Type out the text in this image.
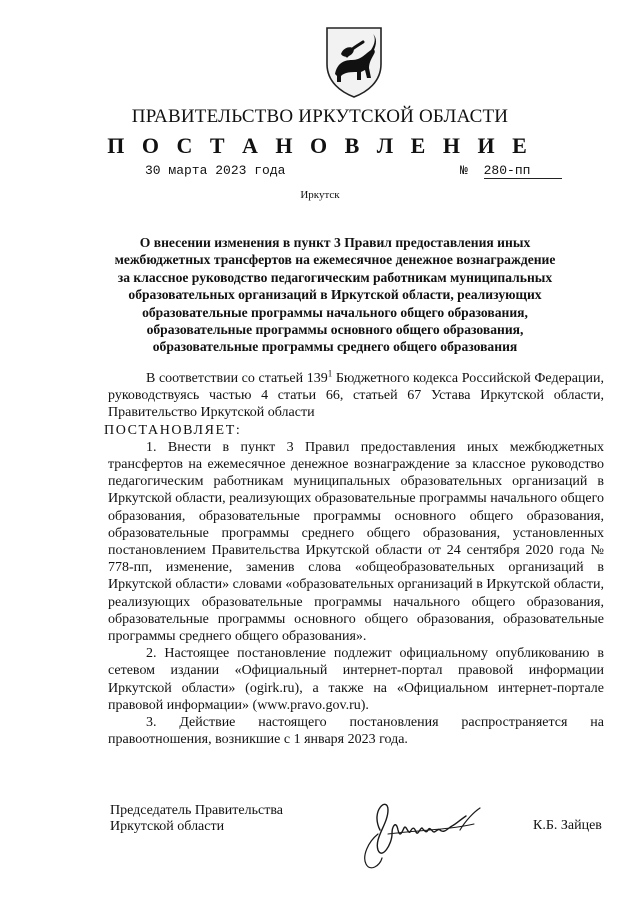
ПРАВИТЕЛЬСТВО ИРКУТСКОЙ ОБЛАСТИ
П О С Т А Н О В Л Е Н И Е
30 марта 2023 года	№ 280-пп
Иркутск
О внесении изменения в пункт 3 Правил предоставления иных
межбюджетных трансфертов на ежемесячное денежное вознаграждение
за классное руководство педагогическим работникам муниципальных
образовательных организаций в Иркутской области, реализующих
образовательные программы начального общего образования,
образовательные программы основного общего образования,
образовательные программы среднего общего образования

В соответствии со статьей $139^1$ Бюджетного кодекса Российской Федерации, руководствуясь частью 4 статьи 66, статьей 67 Устава Иркутской области, Правительство Иркутской области

ПОСТАНОВЛЯЕТ:

1. Внести в пункт 3 Правил предоставления иных межбюджетных трансфертов на ежемесячное денежное вознаграждение за классное руководство педагогическим работникам муниципальных образовательных организаций в Иркутской области, реализующих образовательные программы начального общего образования, образовательные программы основного общего образования, образовательные программы среднего общего образования, установленных постановлением Правительства Иркутской области от 24 сентября 2020 года № 778-пп, изменение, заменив слова «общеобразовательных организаций в Иркутской области» словами «образовательных организаций в Иркутской области, реализующих образовательные программы начального общего образования, образовательные программы основного общего образования, образовательные программы среднего общего образования».

2. Настоящее постановление подлежит официальному опубликованию в сетевом издании «Официальный интернет-портал правовой информации Иркутской области» (ogirk.ru), а также на «Официальном интернет-портале правовой информации» (www.pravo.gov.ru).

3. Действие настоящего постановления распространяется на правоотношения, возникшие с 1 января 2023 года.

Председатель Правительства
Иркутской области	К.Б. Зайцев
